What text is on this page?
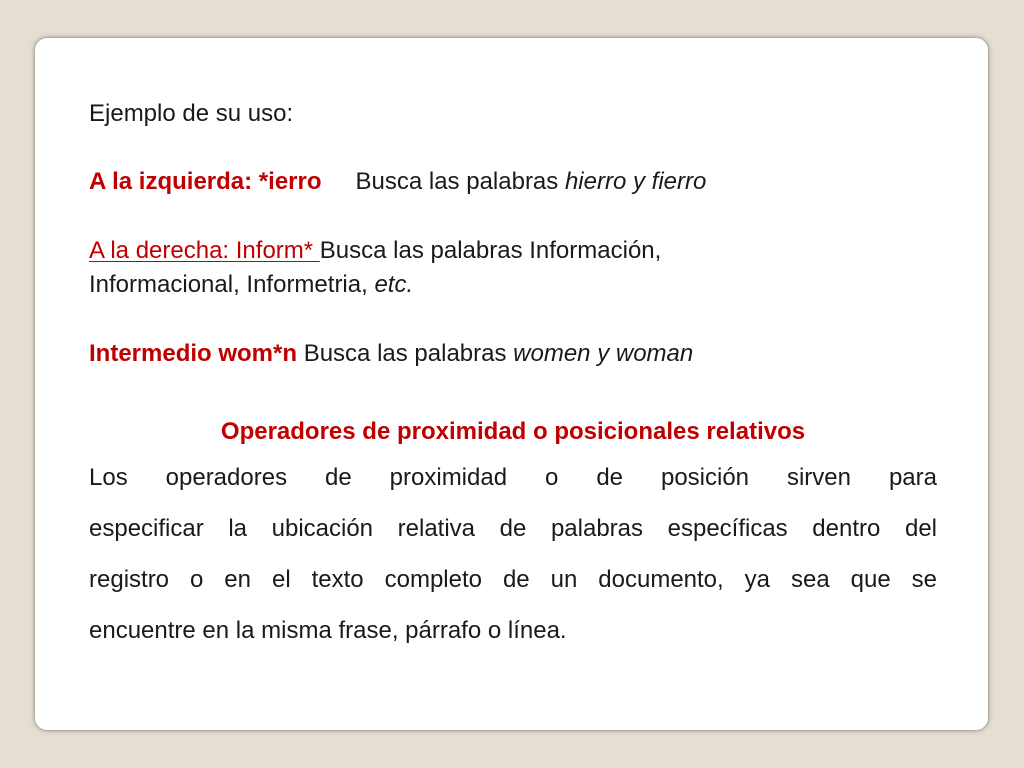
Ejemplo de su uso:
A la izquierda: *ierro Busca las palabras hierro y fierro
A la derecha: Inform* Busca las palabras Información,
Informacional, Informetria, etc.
Intermedio wom*n Busca las palabras women y woman
Operadores de proximidad o posicionales relativos
Los operadores de proximidad o de posición sirven para
especificar la ubicación relativa de palabras específicas dentro del
registro o en el texto completo de un documento, ya sea que se
encuentre en la misma frase, párrafo o línea.
